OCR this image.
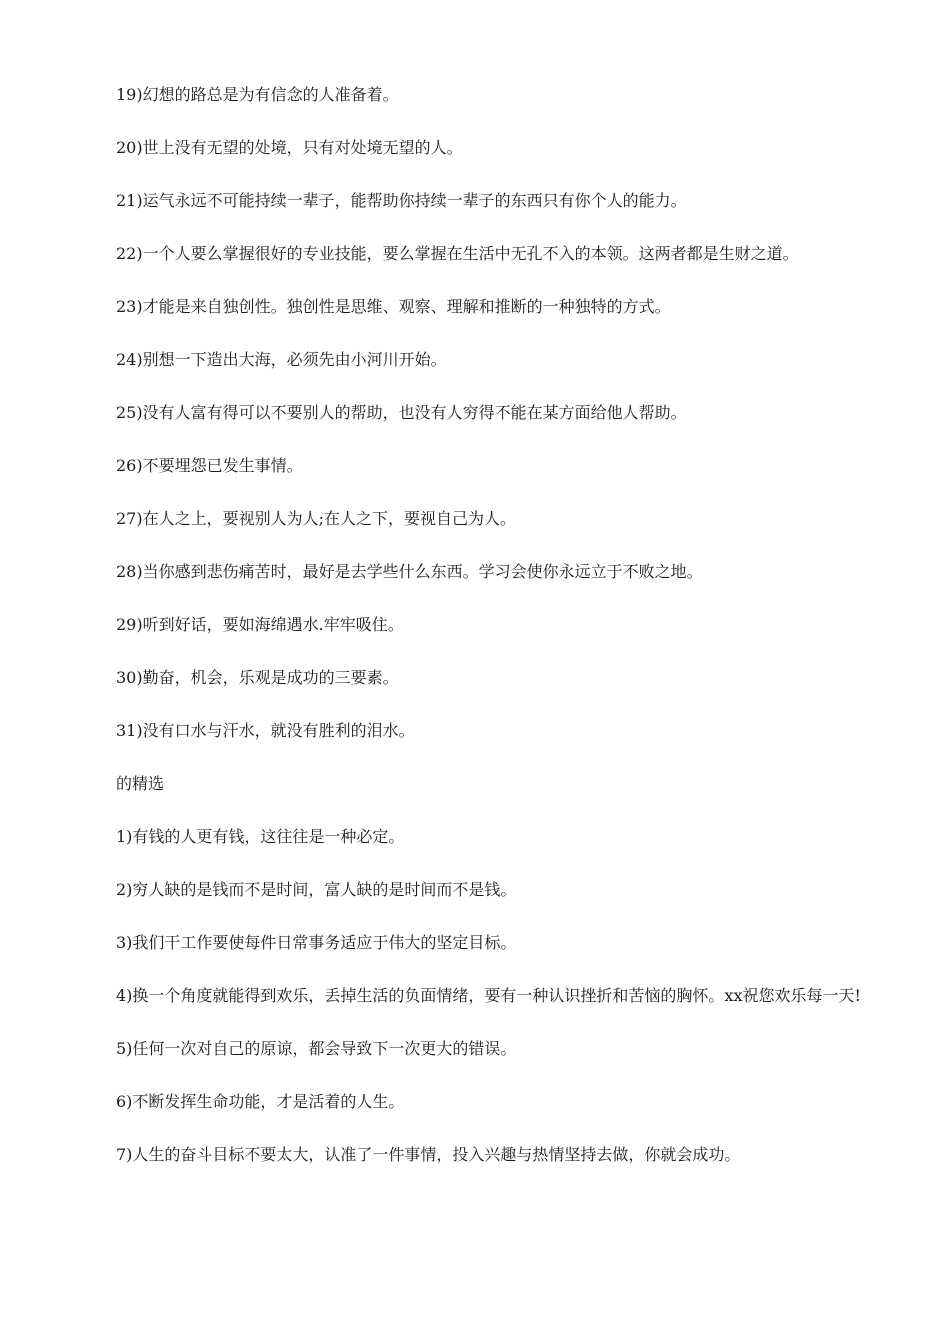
19)幻想的路总是为有信念的人准备着。

20)世上没有无望的处境，只有对处境无望的人。

21)运气永远不可能持续一辈子，能帮助你持续一辈子的东西只有你个人的能力。

22)一个人要么掌握很好的专业技能，要么掌握在生活中无孔不入的本领。这两者都是生财之道。

23)才能是来自独创性。独创性是思维、观察、理解和推断的一种独特的方式。

24)别想一下造出大海，必须先由小河川开始。

25)没有人富有得可以不要别人的帮助，也没有人穷得不能在某方面给他人帮助。

26)不要埋怨已发生事情。

27)在人之上，要视别人为人;在人之下，要视自己为人。

28)当你感到悲伤痛苦时，最好是去学些什么东西。学习会使你永远立于不败之地。

29)听到好话，要如海绵遇水.牢牢吸住。

30)勤奋，机会，乐观是成功的三要素。

31)没有口水与汗水，就没有胜利的泪水。

的精选

1)有钱的人更有钱，这往往是一种必定。

2)穷人缺的是钱而不是时间，富人缺的是时间而不是钱。

3)我们干工作要使每件日常事务适应于伟大的坚定目标。

4)换一个角度就能得到欢乐，丢掉生活的负面情绪，要有一种认识挫折和苦恼的胸怀。xx祝您欢乐每一天!

5)任何一次对自己的原谅，都会导致下一次更大的错误。

6)不断发挥生命功能，才是活着的人生。

7)人生的奋斗目标不要太大，认准了一件事情，投入兴趣与热情坚持去做，你就会成功。
